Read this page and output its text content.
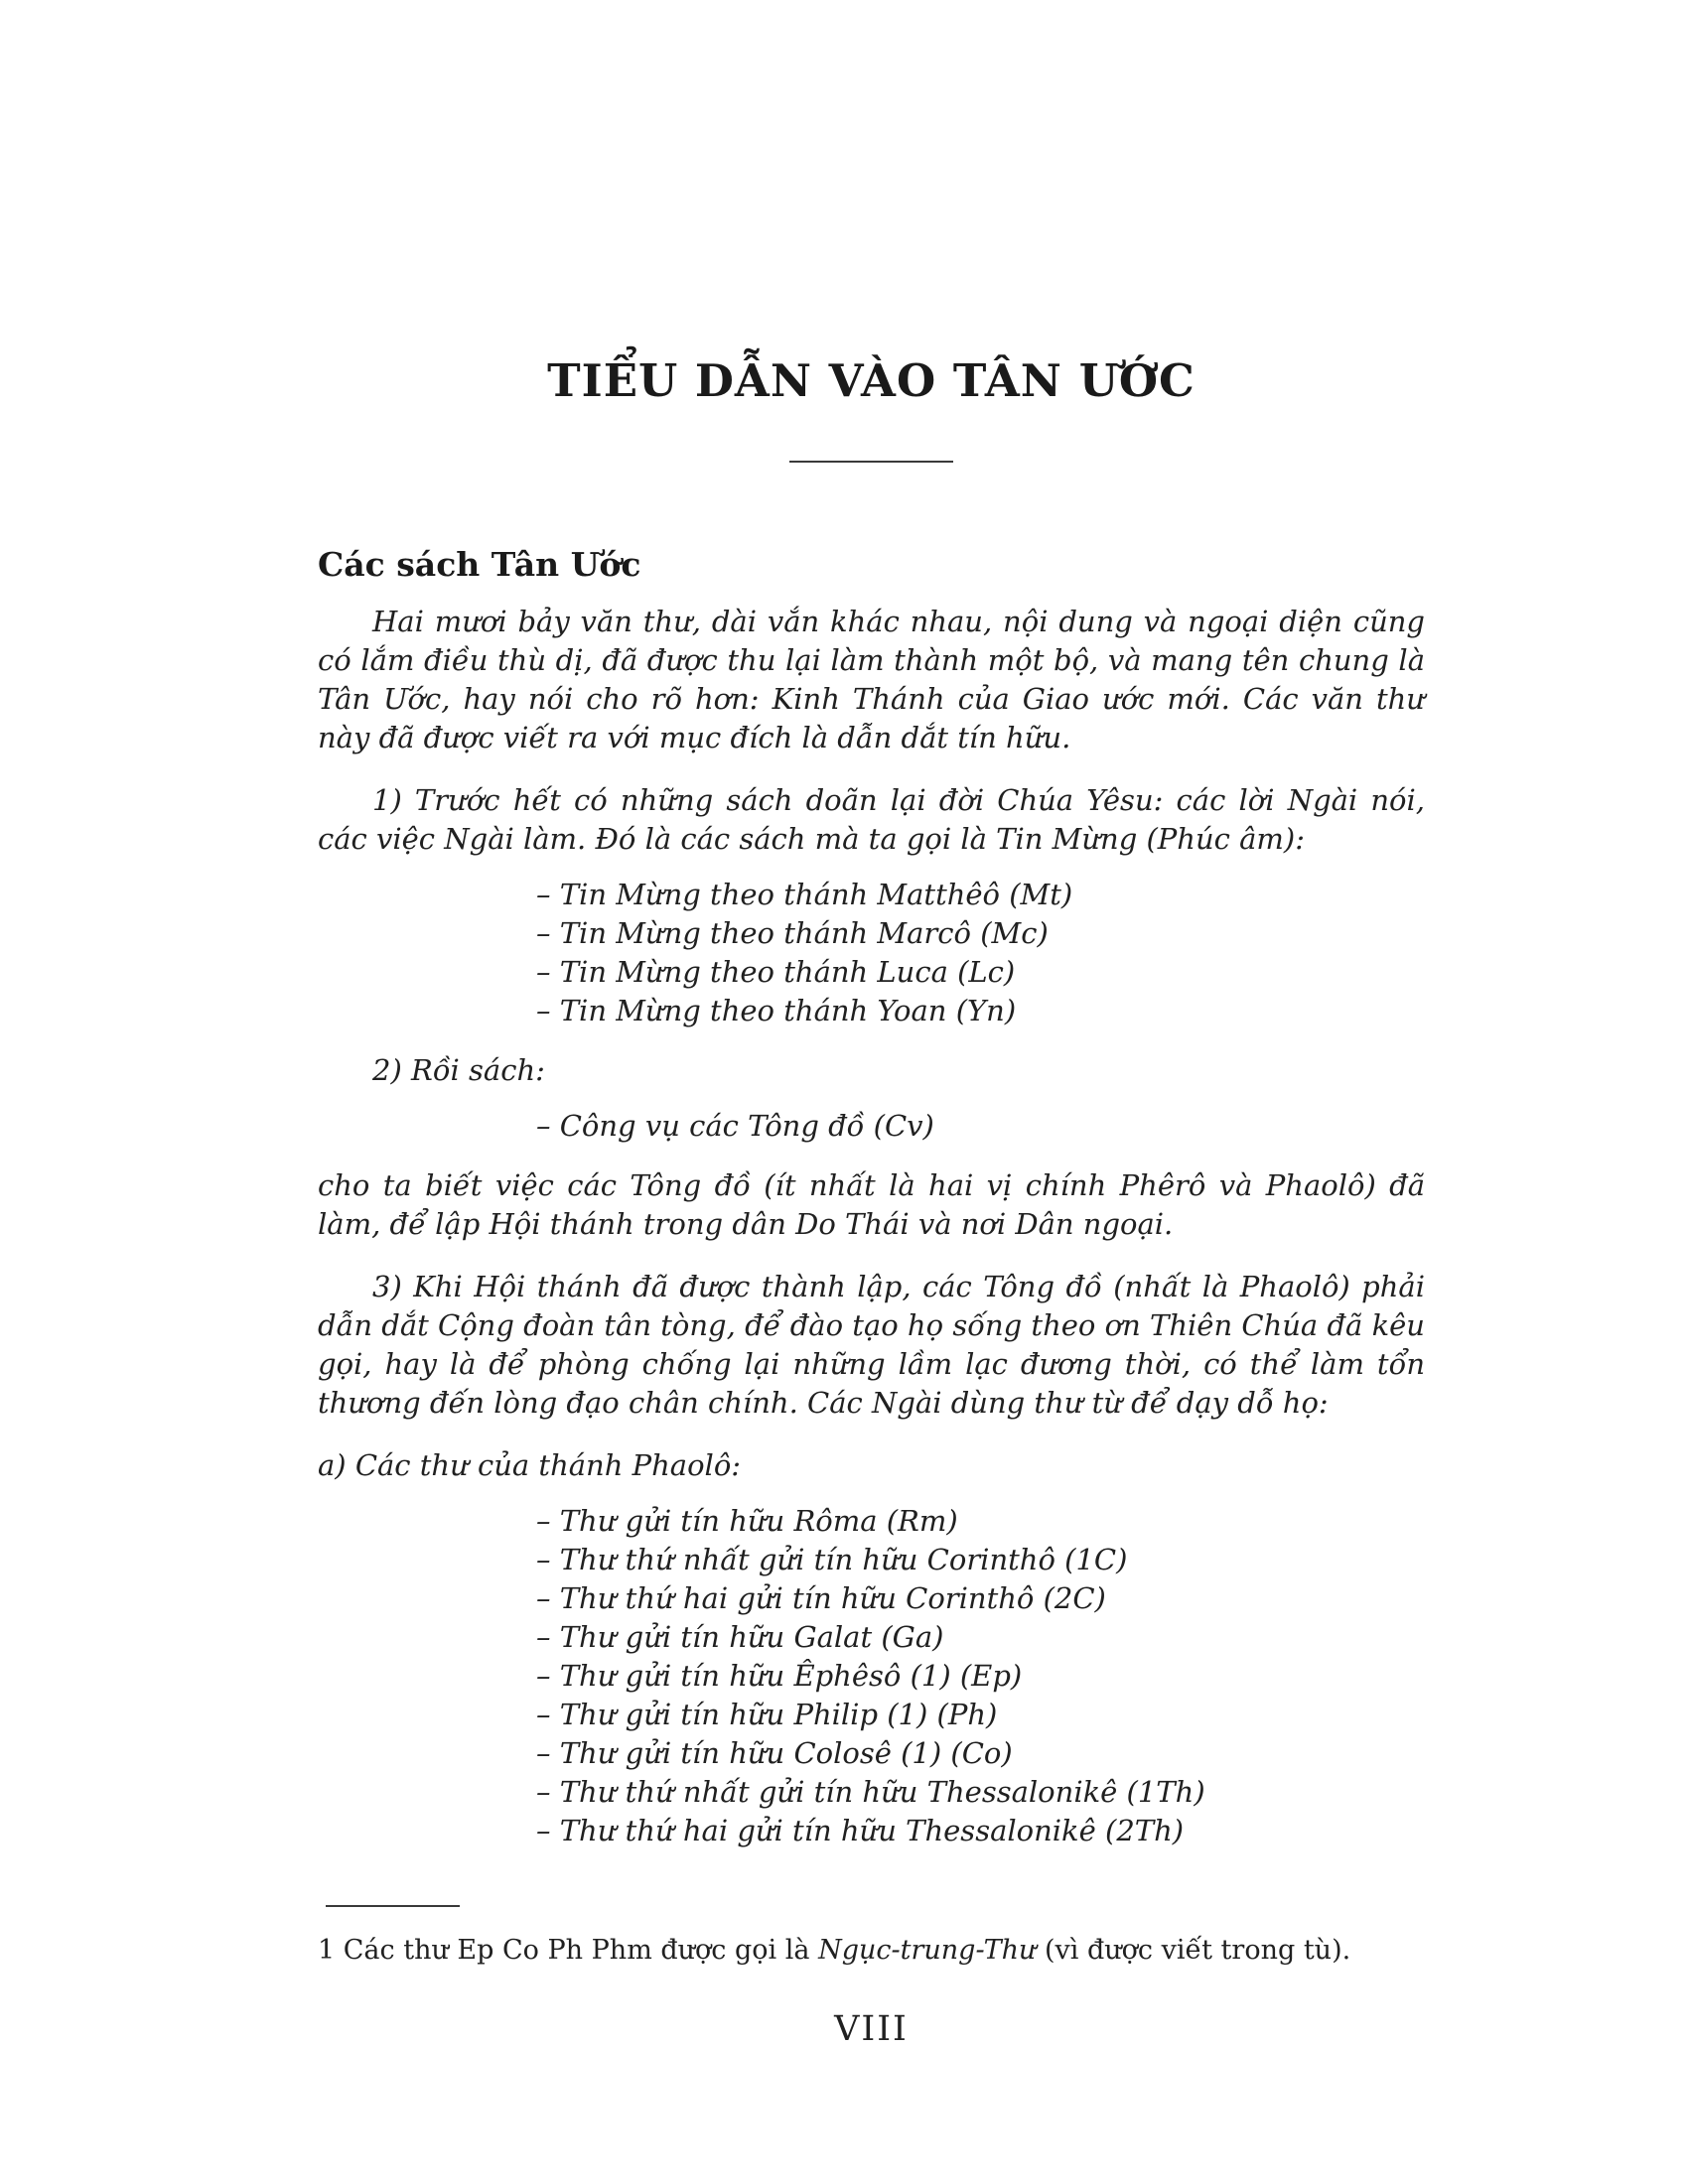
TIỂU DẪN VÀO TÂN ƯỚC
Các sách Tân Ước

Hai mươi bảy văn thư, dài vắn khác nhau, nội dung và ngoại diện cũng có lắm điều thù dị, đã được thu lại làm thành một bộ, và mang tên chung là Tân Ước, hay nói cho rõ hơn: Kinh Thánh của Giao ước mới. Các văn thư này đã được viết ra với mục đích là dẫn dắt tín hữu.

1) Trước hết có những sách doãn lại đời Chúa Yêsu: các lời Ngài nói, các việc Ngài làm. Đó là các sách mà ta gọi là Tin Mừng (Phúc âm):

– Tin Mừng theo thánh Matthêô (Mt)
– Tin Mừng theo thánh Marcô (Mc)
– Tin Mừng theo thánh Luca (Lc)
– Tin Mừng theo thánh Yoan (Yn)

2) Rồi sách:

– Công vụ các Tông đồ (Cv)

cho ta biết việc các Tông đồ (ít nhất là hai vị chính Phêrô và Phaolô) đã làm, để lập Hội thánh trong dân Do Thái và nơi Dân ngoại.

3) Khi Hội thánh đã được thành lập, các Tông đồ (nhất là Phaolô) phải dẫn dắt Cộng đoàn tân tòng, để đào tạo họ sống theo ơn Thiên Chúa đã kêu gọi, hay là để phòng chống lại những lầm lạc đương thời, có thể làm tổn thương đến lòng đạo chân chính. Các Ngài dùng thư từ để dạy dỗ họ:

a) Các thư của thánh Phaolô:

– Thư gửi tín hữu Rôma (Rm)
– Thư thứ nhất gửi tín hữu Corinthô (1C)
– Thư thứ hai gửi tín hữu Corinthô (2C)
– Thư gửi tín hữu Galat (Ga)
– Thư gửi tín hữu Êphêsô (1) (Ep)
– Thư gửi tín hữu Philip (1) (Ph)
– Thư gửi tín hữu Colosê (1) (Co)
– Thư thứ nhất gửi tín hữu Thessalonikê (1Th)
– Thư thứ hai gửi tín hữu Thessalonikê (2Th)

1 Các thư Ep Co Ph Phm được gọi là Ngục-trung-Thư (vì được viết trong tù).

VIII
